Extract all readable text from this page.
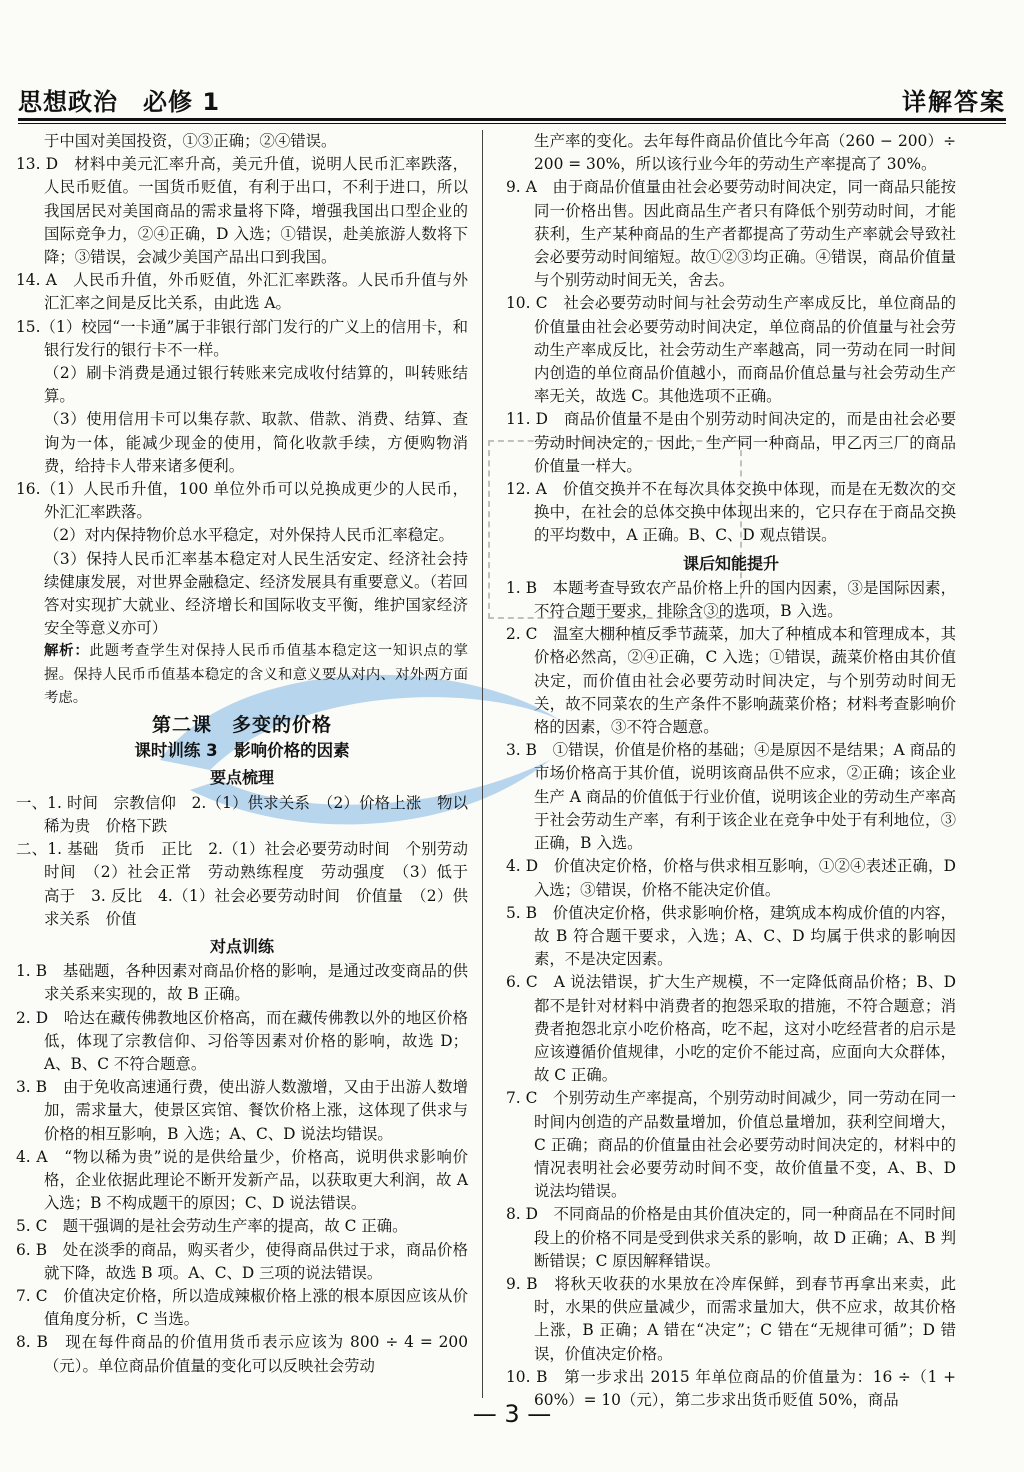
思想政治　必修 1	详解答案

于中国对美国投资，①③正确；②④错误。

13. D　材料中美元汇率升高，美元升值，说明人民币汇率跌落，人民币贬值。一国货币贬值，有利于出口，不利于进口，所以我国居民对美国商品的需求量将下降，增强我国出口型企业的国际竞争力，②④正确，D 入选；①错误，赴美旅游人数将下降；③错误，会减少美国产品出口到我国。

14. A　人民币升值，外币贬值，外汇汇率跌落。人民币升值与外汇汇率之间是反比关系，由此选 A。

15.（1）校园“一卡通”属于非银行部门发行的广义上的信用卡，和银行发行的银行卡不一样。

（2）刷卡消费是通过银行转账来完成收付结算的，叫转账结算。

（3）使用信用卡可以集存款、取款、借款、消费、结算、查询为一体，能减少现金的使用，简化收款手续，方便购物消费，给持卡人带来诸多便利。

16.（1）人民币升值，100 单位外币可以兑换成更少的人民币，外汇汇率跌落。

（2）对内保持物价总水平稳定，对外保持人民币汇率稳定。

（3）保持人民币汇率基本稳定对人民生活安定、经济社会持续健康发展，对世界金融稳定、经济发展具有重要意义。（若回答对实现扩大就业、经济增长和国际收支平衡，维护国家经济安全等意义亦可）

解析：此题考查学生对保持人民币币值基本稳定这一知识点的掌握。保持人民币币值基本稳定的含义和意义要从对内、对外两方面考虑。

第二课　多变的价格
课时训练 3　影响价格的因素
要点梳理

一、1. 时间　宗教信仰　2.（1）供求关系　（2）价格上涨　物以稀为贵　价格下跌

二、1. 基础　货币　正比　2.（1）社会必要劳动时间　个别劳动时间　（2）社会正常　劳动熟练程度　劳动强度　（3）低于　高于　3. 反比　4.（1）社会必要劳动时间　价值量　（2）供求关系　价值

对点训练

1. B　基础题，各种因素对商品价格的影响，是通过改变商品的供求关系来实现的，故 B 正确。

2. D　哈达在藏传佛教地区价格高，而在藏传佛教以外的地区价格低，体现了宗教信仰、习俗等因素对价格的影响，故选 D；A、B、C 不符合题意。

3. B　由于免收高速通行费，使出游人数激增，又由于出游人数增加，需求量大，使景区宾馆、餐饮价格上涨，这体现了供求与价格的相互影响，B 入选；A、C、D 说法均错误。

4. A　“物以稀为贵”说的是供给量少，价格高，说明供求影响价格，企业依据此理论不断开发新产品，以获取更大利润，故 A 入选；B 不构成题干的原因；C、D 说法错误。

5. C　题干强调的是社会劳动生产率的提高，故 C 正确。

6. B　处在淡季的商品，购买者少，使得商品供过于求，商品价格就下降，故选 B 项。A、C、D 三项的说法错误。

7. C　价值决定价格，所以造成辣椒价格上涨的根本原因应该从价值角度分析，C 当选。

8. B　现在每件商品的价值用货币表示应该为 800 ÷ 4 = 200（元）。单位商品价值量的变化可以反映社会劳动

生产率的变化。去年每件商品价值比今年高（260 − 200）÷ 200 = 30%，所以该行业今年的劳动生产率提高了 30%。

9. A　由于商品价值量由社会必要劳动时间决定，同一商品只能按同一价格出售。因此商品生产者只有降低个别劳动时间，才能获利，生产某种商品的生产者都提高了劳动生产率就会导致社会必要劳动时间缩短。故①②③均正确。④错误，商品价值量与个别劳动时间无关，舍去。

10. C　社会必要劳动时间与社会劳动生产率成反比，单位商品的价值量由社会必要劳动时间决定，单位商品的价值量与社会劳动生产率成反比，社会劳动生产率越高，同一劳动在同一时间内创造的单位商品价值越小，而商品价值总量与社会劳动生产率无关，故选 C。其他选项不正确。

11. D　商品价值量不是由个别劳动时间决定的，而是由社会必要劳动时间决定的，因此，生产同一种商品，甲乙丙三厂的商品价值量一样大。

12. A　价值交换并不在每次具体交换中体现，而是在无数次的交换中，在社会的总体交换中体现出来的，它只存在于商品交换的平均数中，A 正确。B、C、D 观点错误。

课后知能提升

1. B　本题考查导致农产品价格上升的国内因素，③是国际因素，不符合题干要求，排除含③的选项，B 入选。

2. C　温室大棚种植反季节蔬菜，加大了种植成本和管理成本，其价格必然高，②④正确，C 入选；①错误，蔬菜价格由其价值决定，而价值由社会必要劳动时间决定，与个别劳动时间无关，故不同菜农的生产条件不影响蔬菜价格；材料考查影响价格的因素，③不符合题意。

3. B　①错误，价值是价格的基础；④是原因不是结果；A 商品的市场价格高于其价值，说明该商品供不应求，②正确；该企业生产 A 商品的价值低于行业价值，说明该企业的劳动生产率高于社会劳动生产率，有利于该企业在竞争中处于有利地位，③正确，B 入选。

4. D　价值决定价格，价格与供求相互影响，①②④表述正确，D 入选；③错误，价格不能决定价值。

5. B　价值决定价格，供求影响价格，建筑成本构成价值的内容，故 B 符合题干要求，入选；A、C、D 均属于供求的影响因素，不是决定因素。

6. C　A 说法错误，扩大生产规模，不一定降低商品价格；B、D 都不是针对材料中消费者的抱怨采取的措施，不符合题意；消费者抱怨北京小吃价格高，吃不起，这对小吃经营者的启示是应该遵循价值规律，小吃的定价不能过高，应面向大众群体，故 C 正确。

7. C　个别劳动生产率提高，个别劳动时间减少，同一劳动在同一时间内创造的产品数量增加，价值总量增加，获利空间增大，C 正确；商品的价值量由社会必要劳动时间决定的，材料中的情况表明社会必要劳动时间不变，故价值量不变，A、B、D 说法均错误。

8. D　不同商品的价格是由其价值决定的，同一种商品在不同时间段上的价格不同是受到供求关系的影响，故 D 正确；A、B 判断错误；C 原因解释错误。

9. B　将秋天收获的水果放在冷库保鲜，到春节再拿出来卖，此时，水果的供应量减少，而需求量加大，供不应求，故其价格上涨，B 正确；A 错在“决定”；C 错在“无规律可循”；D 错误，价值决定价格。

10. B　第一步求出 2015 年单位商品的价值量为：16 ÷（1 + 60%）= 10（元），第二步求出货币贬值 50%，商品

— 3 —
